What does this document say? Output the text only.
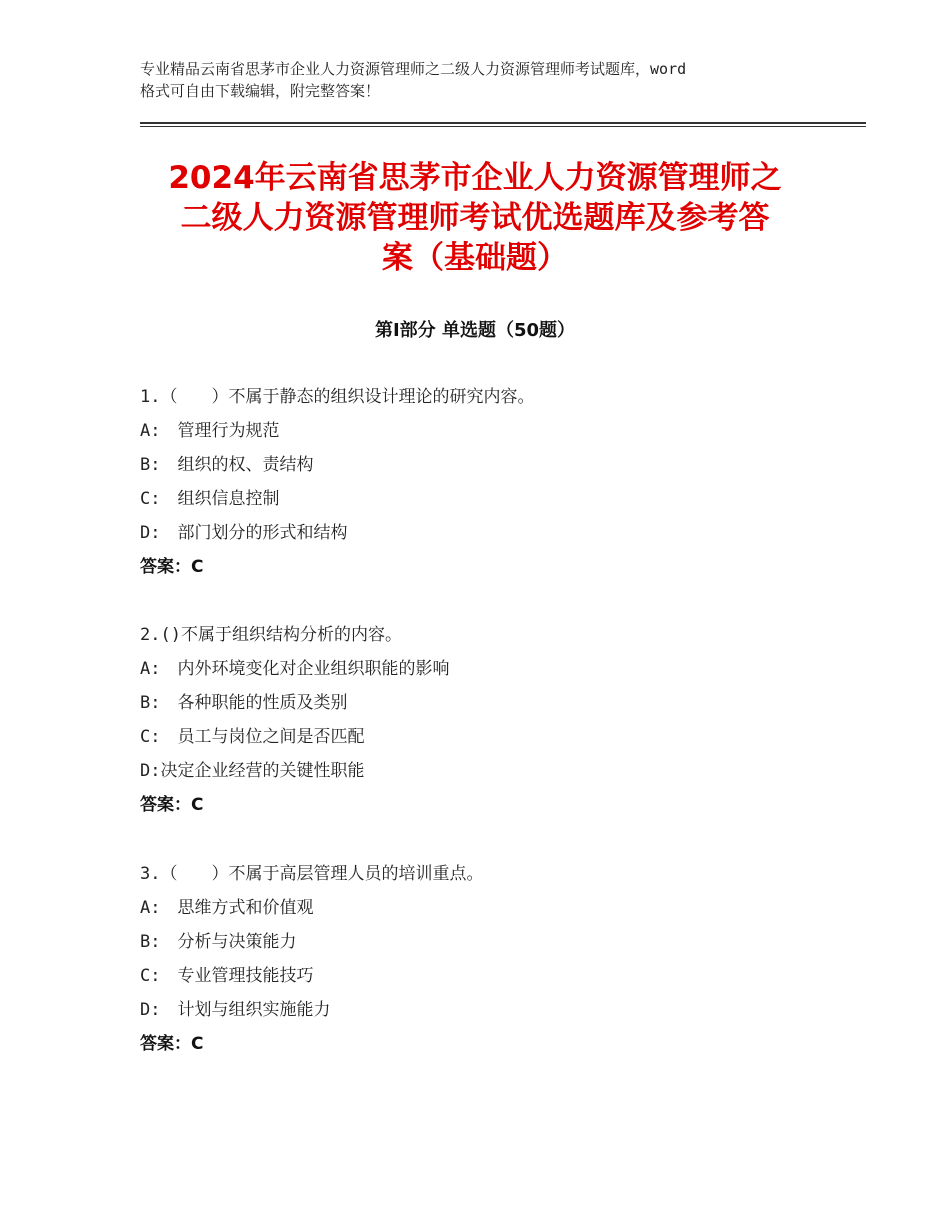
专业精品云南省思茅市企业人力资源管理师之二级人力资源管理师考试题库，word
格式可自由下载编辑，附完整答案！
2024年云南省思茅市企业人力资源管理师之
二级人力资源管理师考试优选题库及参考答
案（基础题）
第Ⅰ部分 单选题（50题）
1.（　　）不属于静态的组织设计理论的研究内容。
A:　管理行为规范
B:　组织的权、责结构
C:　组织信息控制
D:　部门划分的形式和结构
答案：C
2.()不属于组织结构分析的内容。
A:　内外环境变化对企业组织职能的影响
B:　各种职能的性质及类别
C:　员工与岗位之间是否匹配
D:决定企业经营的关键性职能
答案：C
3.（　　）不属于高层管理人员的培训重点。
A:　思维方式和价值观
B:　分析与决策能力
C:　专业管理技能技巧
D:　计划与组织实施能力
答案：C
